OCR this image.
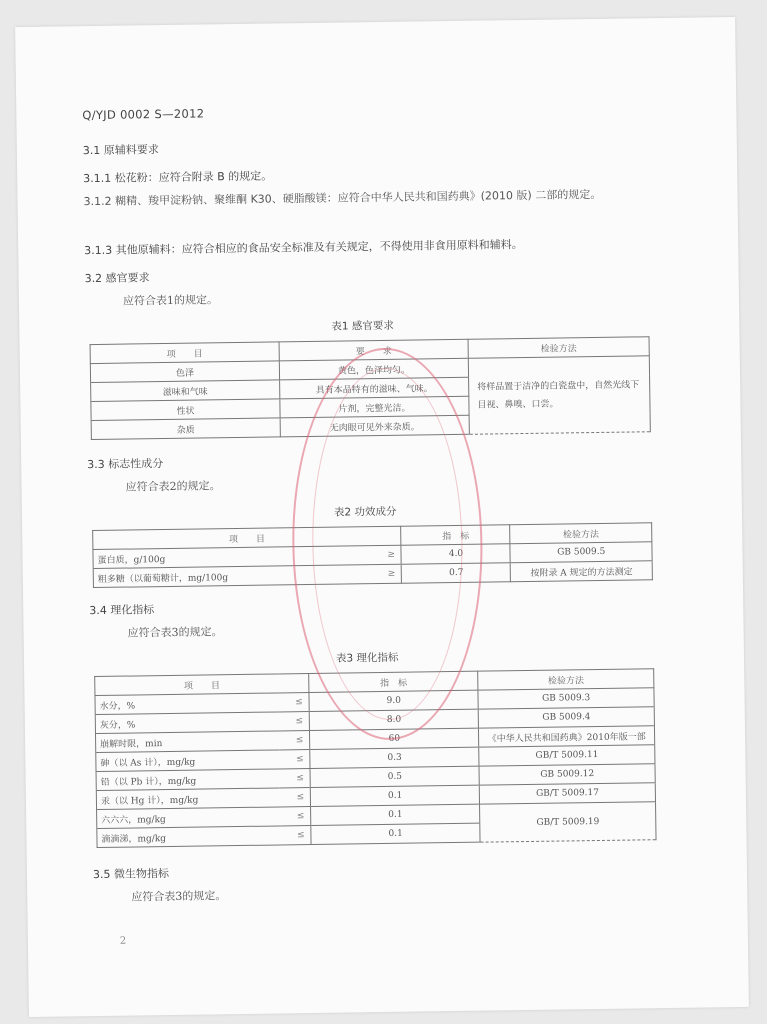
Q/YJD 0002 S—2012
3.1 原辅料要求
3.1.1 松花粉：应符合附录 B 的规定。
3.1.2 糊精、羧甲淀粉钠、聚维酮 K30、硬脂酸镁：应符合中华人民共和国药典》(2010 版) 二部的规定。
3.1.3 其他原辅料：应符合相应的食品安全标准及有关规定，不得使用非食用原料和辅料。
3.2 感官要求
应符合表1的规定。
表1 感官要求
项　　目	要　　求	检验方法
色泽	黄色，色泽均匀。	将样品置于洁净的白瓷盘中，自然光线下目视、鼻嗅、口尝。
滋味和气味	具有本品特有的滋味、气味。	
性状	片剂，完整光洁。	
杂质	无肉眼可见外来杂质。	
3.3 标志性成分
应符合表2的规定。
表2 功效成分
项　　目		指　标	检验方法
蛋白质，g/100g	≥	4.0	GB 5009.5
粗多糖（以葡萄糖计，mg/100g	≥	0.7	按附录 A 规定的方法测定
3.4 理化指标
应符合表3的规定。
表3 理化指标
项　　目		指　标	检验方法
水分，%	≤	9.0	GB 5009.3
灰分，%	≤	8.0	GB 5009.4
崩解时限，min	≤	60	《中华人民共和国药典》2010年版一部
砷（以 As 计），mg/kg	≤	0.3	GB/T 5009.11
铅（以 Pb 计），mg/kg	≤	0.5	GB 5009.12
汞（以 Hg 计），mg/kg	≤	0.1	GB/T 5009.17
六六六，mg/kg	≤	0.1	GB/T 5009.19
滴滴涕，mg/kg	≤	0.1	
3.5 微生物指标
应符合表3的规定。
2
